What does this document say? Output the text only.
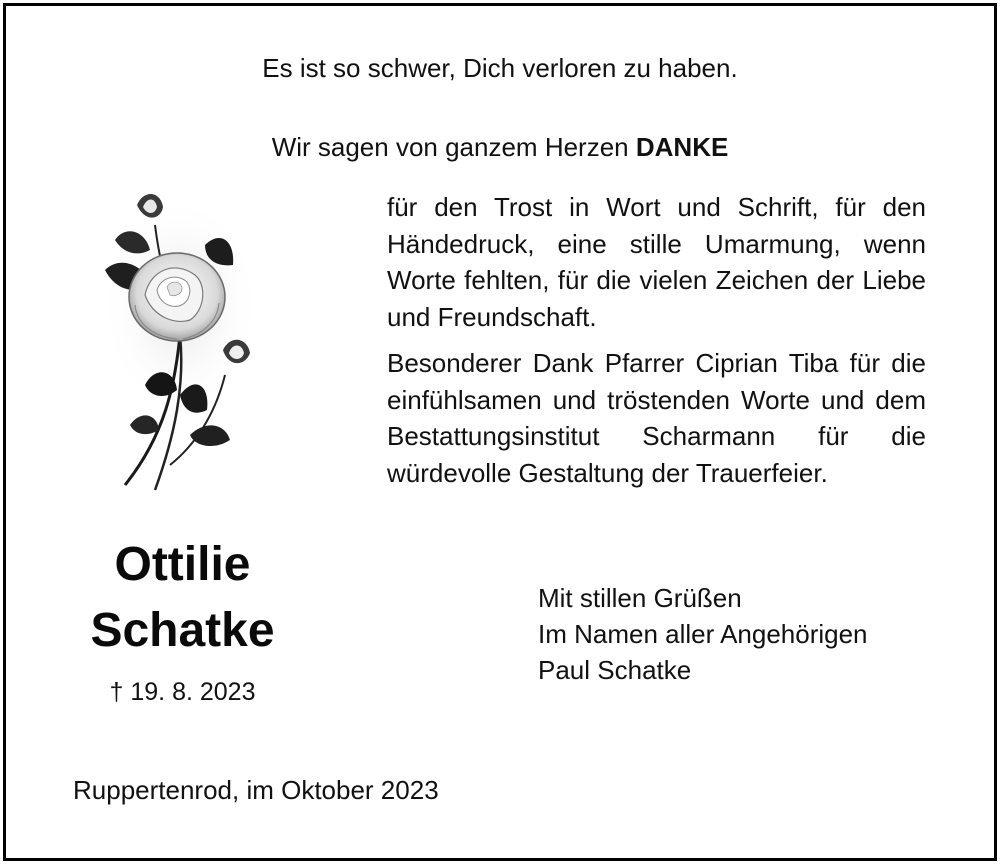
Es ist so schwer, Dich verloren zu haben.
Wir sagen von ganzem Herzen DANKE

für den Trost in Wort und Schrift, für den Händedruck, eine stille Umarmung, wenn Worte fehlten, für die vielen Zeichen der Liebe und Freundschaft.

Besonderer Dank Pfarrer Ciprian Tiba für die einfühlsamen und tröstenden Worte und dem Bestattungsinstitut Scharmann für die würdevolle Gestaltung der Trauerfeier.

Ottilie
Schatke
† 19. 8. 2023
Mit stillen Grüßen
Im Namen aller Angehörigen
Paul Schatke
Ruppertenrod, im Oktober 2023
